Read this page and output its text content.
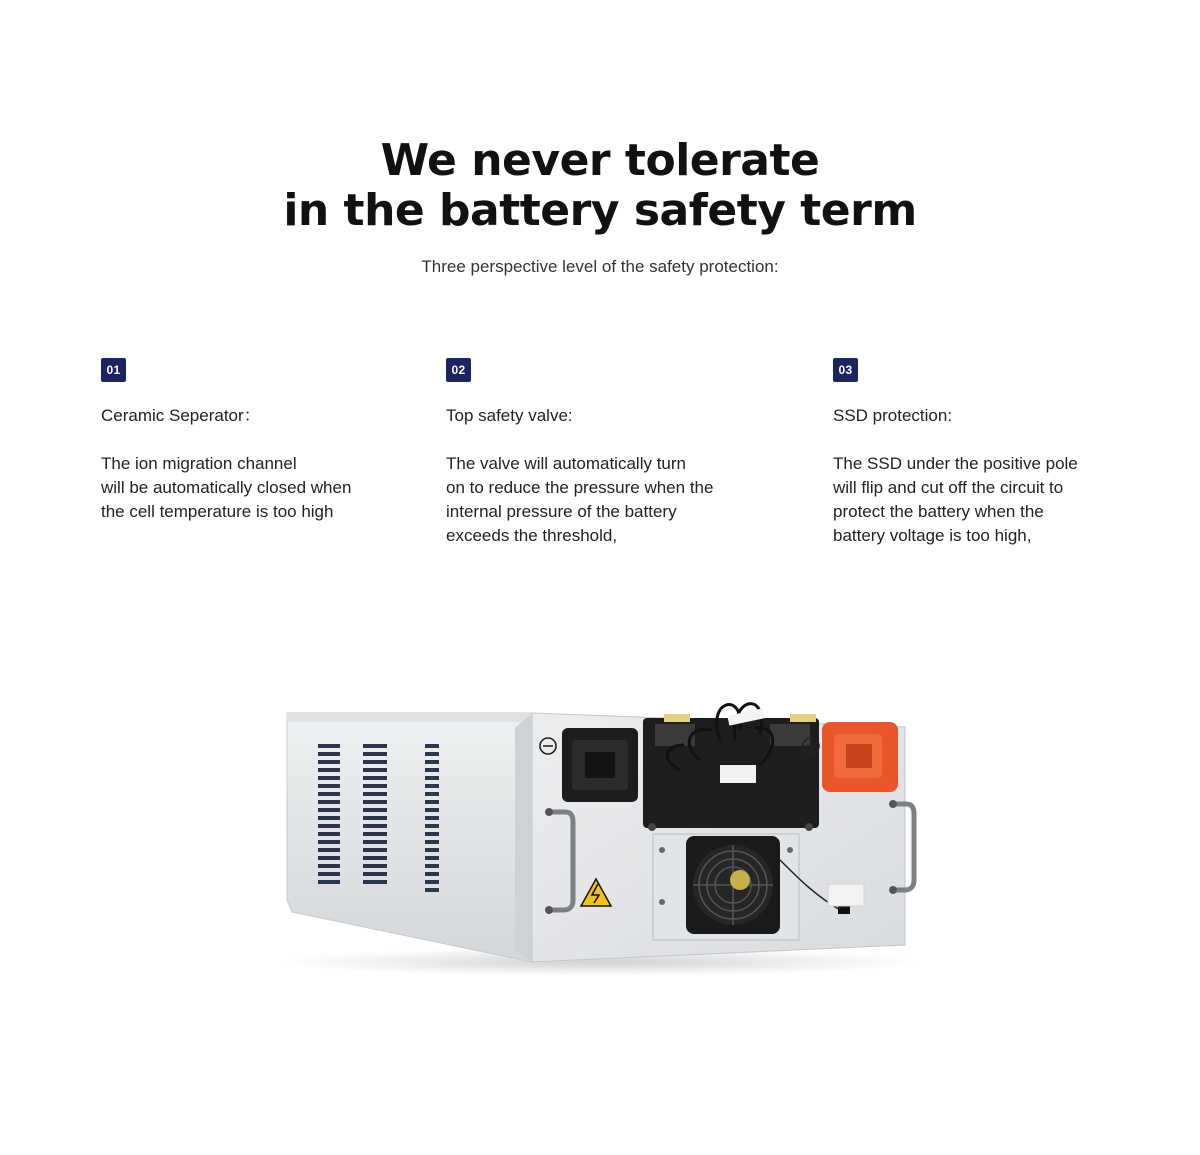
We never tolerate
in the battery safety term
Three perspective level of the safety protection:
01
Ceramic Seperator：
The ion migration channel
will be automatically closed when
the cell temperature is too high
02
Top safety valve:
The valve will automatically turn
on to reduce the pressure when the
internal pressure of the battery
exceeds the threshold,
03
SSD protection:
The SSD under the positive pole
will flip and cut off the circuit to
protect the battery when the
battery voltage is too high,
